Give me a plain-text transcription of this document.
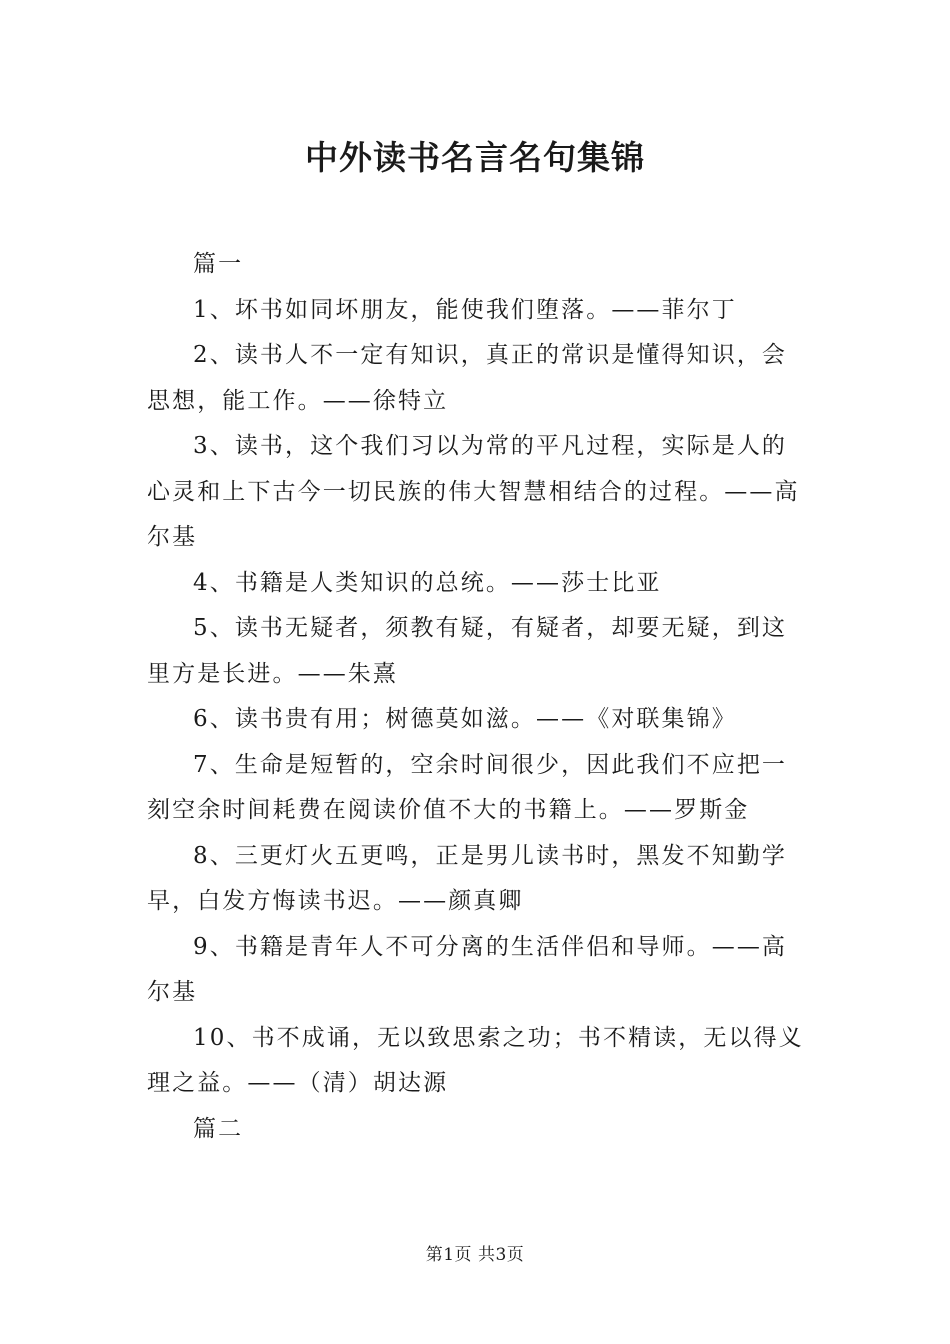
中外读书名言名句集锦

篇一

1、坏书如同坏朋友，能使我们堕落。——菲尔丁

2、读书人不一定有知识，真正的常识是懂得知识，会思想，能工作。——徐特立

3、读书，这个我们习以为常的平凡过程，实际是人的心灵和上下古今一切民族的伟大智慧相结合的过程。——高尔基

4、书籍是人类知识的总统。——莎士比亚

5、读书无疑者，须教有疑，有疑者，却要无疑，到这里方是长进。——朱熹

6、读书贵有用；树德莫如滋。——《对联集锦》

7、生命是短暂的，空余时间很少，因此我们不应把一刻空余时间耗费在阅读价值不大的书籍上。——罗斯金

8、三更灯火五更鸣，正是男儿读书时，黑发不知勤学早，白发方悔读书迟。——颜真卿

9、书籍是青年人不可分离的生活伴侣和导师。——高尔基

10、书不成诵，无以致思索之功；书不精读，无以得义理之益。——（清）胡达源

篇二

第1页 共3页
